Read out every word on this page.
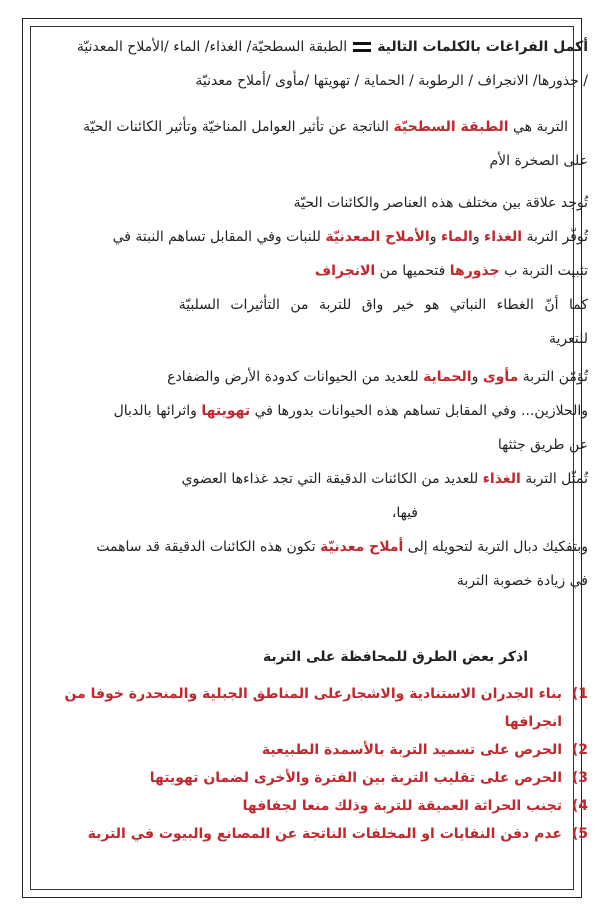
أكمل الفراغات بالكلمات التاليةالطبقة السطحيّة/ الغذاء/ الماء /الأملاح المعدنيّة
/ جذورها/ الانجراف / الرطوبة / الحماية / تهويتها /مأوى /أملاح معدنيّة
التربة هي الطبقة السطحيّة الناتجة عن تأثير العوامل المناخيّة وتأثير الكائنات الحيّة
على الصخرة الأم
تُوجد علاقة بين مختلف هذه العناصر والكائنات الحيّة
تُوفّر التربة الغذاء والماء والأملاح المعدنيّة للنبات وفي المقابل تساهم النبتة في
تثبيت التربة ب جذورها فتحميها من الانجراف
كما أنّ الغطاء النباتي هو خير واق للتربة من التأثيرات السلبيّة
للتعرية
تُؤمّن التربة مأوى والحماية للعديد من الحيوانات كدودة الأرض والضفادع
والحلازين... وفي المقابل تساهم هذه الحيوانات بدورها في تهويتها واثرائها بالدبال
عن طريق جثثها
تُمثّل التربة الغذاء للعديد من الكائنات الدقيقة التي تجد غذاءها العضوي
فيها،
وبتفكيك دبال التربة لتحويله إلى أملاح معدنيّة تكون هذه الكائنات الدقيقة قد ساهمت
في زيادة خصوبة التربة
اذكر بعض الطرق للمحافظة على التربة
1)
بناء الجدران الاستنادية والاشجارعلى المناطق الجبلية والمنحدرة خوفا من انجرافها
2)
الحرص على تسميد التربة بالأسمدة الطبيعية
3)
الحرص على تقليب التربة بين الفترة والأخرى لضمان تهويتها
4)
تجنب الحراثة العميقة للتربة وذلك منعا لجفافها
5)
عدم دفن النفايات او المخلفات الناتجة عن المصانع والبيوت في التربة
